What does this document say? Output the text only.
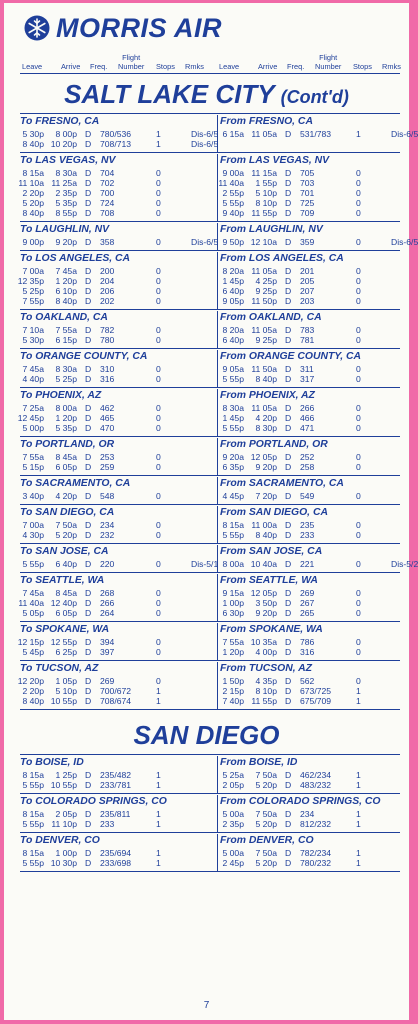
MORRIS AIR
Leave	Arrive Freq.
Flight
Number Stops Rmks Leave	Arrive Freq.
Flight
Number Stops Rmks
SALT LAKE CITY (Cont'd)
To FRESNO, CA	From FRESNO, CA
5 30p 8 00p D 780/536	1	Dis-6/5
8 40p 10 20p D 708/713	1	Dis-6/5
6 15a 11 05a D 531/783	1	Dis-6/5
To LAS VEGAS, NV	From LAS VEGAS, NV
8 15a 8 30a D 704	0
11 10a 11 25a D 702	0
2 20p 2 35p D 700	0
5 20p 5 35p D 724	0
8 40p 8 55p D 708	0
9 00a 11 15a D 705	0
11 40a 1 55p D 703	0
2 55p 5 10p D 701	0
5 55p 8 10p D 725	0
9 40p 11 55p D 709	0
To LAUGHLIN, NV	From LAUGHLIN, NV
9 00p 9 20p D 358	0	Dis-6/5 9 50p 12 10a D 359	0	Dis-6/5
To LOS ANGELES, CA	From LOS ANGELES, CA
7 00a 7 45a D 200	0
12 35p 1 20p D 204	0
5 25p 6 10p D 206	0
7 55p 8 40p D 202	0
8 20a 11 05a D 201	0
1 45p 4 25p D 205	0
6 40p 9 25p D 207	0
9 05p 11 50p D 203	0
To OAKLAND, CA	From OAKLAND, CA
7 10a 7 55a D 782	0
5 30p 6 15p D 780	0
8 20a 11 05a D 783	0
6 40p 9 25p D 781	0
To ORANGE COUNTY, CA	From ORANGE COUNTY, CA
7 45a 8 30a D 310	0
4 40p 5 25p D 316	0
9 05a 11 50a D 311	0
5 55p 8 40p D 317	0
To PHOENIX, AZ	From PHOENIX, AZ
7 25a 8 00a D 462	0
12 45p 1 20p D 465	0
5 00p 5 35p D 470	0
8 30a 11 05a D 266	0
1 45p 4 20p D 466	0
5 55p 8 30p D 471	0
To PORTLAND, OR	From PORTLAND, OR
7 55a 8 45a D 253	0
5 15p 6 05p D 259	0
9 20a 12 05p D 252	0
6 35p 9 20p D 258	0
To SACRAMENTO, CA	From SACRAMENTO, CA
3 40p 4 20p D 548	0	4 45p 7 20p D 549	0
To SAN DIEGO, CA	From SAN DIEGO, CA
7 00a 7 50a D 234	0
4 30p 5 20p D 232	0
8 15a 11 00a D 235	0
5 55p 8 40p D 233	0
To SAN JOSE, CA	From SAN JOSE, CA
5 55p 6 40p D 220	0	Dis-5/1 8 00a 10 40a D 221	0	Dis-5/2
To SEATTLE, WA	From SEATTLE, WA
7 45a 8 45a D 268	0
11 40a 12 40p D 266	0
5 05p 6 05p D 264	0
9 15a 12 05p D 269	0
1 00p 3 50p D 267	0
6 30p 9 20p D 265	0
To SPOKANE, WA	From SPOKANE, WA
12 15p 12 55p D 394	0
5 45p 6 25p D 397	0
7 55a 10 35a D 786	0
1 20p 4 00p D 316	0
To TUCSON, AZ	From TUCSON, AZ
12 20p 1 05p D 269	0
2 20p 5 10p D 700/672	1
8 40p 10 55p D 708/674	1
1 50p 4 35p D 562	0
2 15p 8 10p D 673/725	1
7 40p 11 55p D 675/709	1
SAN DIEGO
To BOISE, ID	From BOISE, ID
8 15a 1 25p D 235/482	1
5 55p 10 55p D 233/781	1
5 25a 7 50a D 462/234	1
2 05p 5 20p D 483/232	1
To COLORADO SPRINGS, CO	From COLORADO SPRINGS, CO
8 15a 2 05p D 235/811	1
5 55p 11 10p D 233	1
5 00a 7 50a D 234	1
2 35p 5 20p D 812/232	1
To DENVER, CO	From DENVER, CO
8 15a 1 00p D 235/694	1
5 55p 10 30p D 233/698	1
5 00a 7 50a D 782/234	1
2 45p 5 20p D 780/232	1
7
